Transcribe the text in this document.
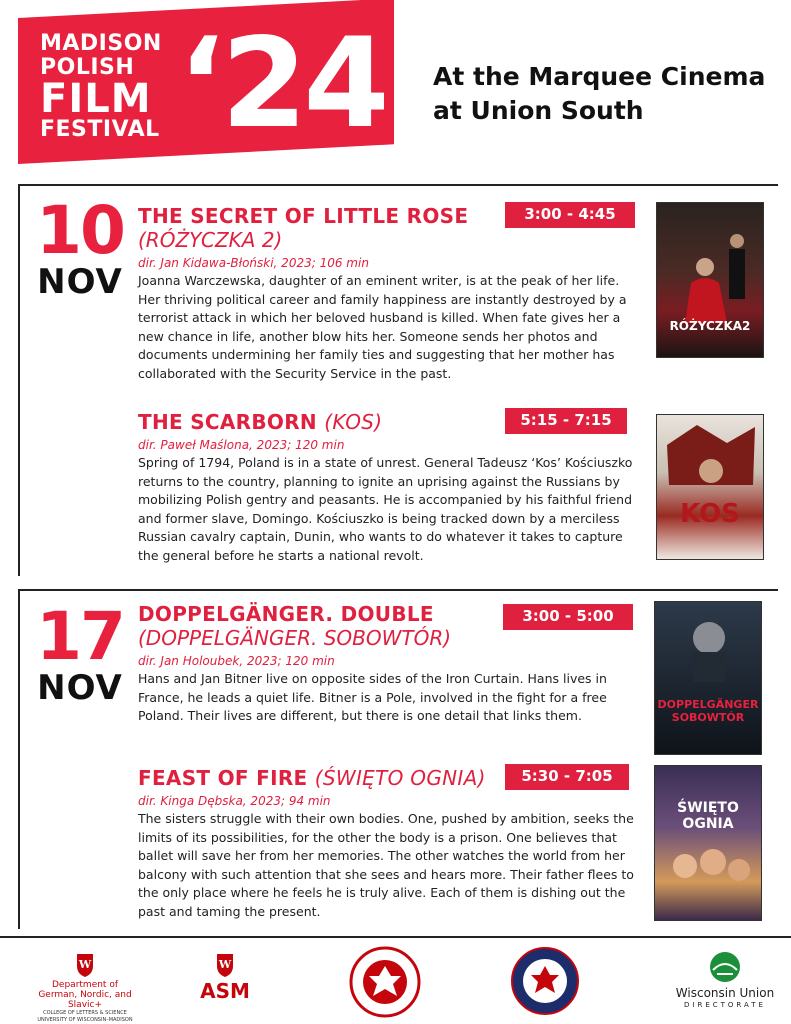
MADISON
POLISH
FILM
FESTIVAL ‘24 At the Marquee Cinema
at Union South
10
NOV
THE SECRET OF LITTLE ROSE
(RÓŻYCZKA 2)
dir. Jan Kidawa-Błoński, 2023; 106 min
Joanna Warczewska, daughter of an eminent writer, is at the peak of her life. Her thriving political career and family happiness are instantly destroyed by a terrorist attack in which her beloved husband is killed. When fate gives her a new chance in life, another blow hits her. Someone sends her photos and documents undermining her family ties and suggesting that her mother has collaborated with the Security Service in the past.
3:00 - 4:45 PM
RÓŻYCZKA2
THE SCARBORN (KOS)
dir. Paweł Maślona, 2023; 120 min
Spring of 1794, Poland is in a state of unrest. General Tadeusz ‘Kos’ Kościuszko returns to the country, planning to ignite an uprising against the Russians by mobilizing Polish gentry and peasants. He is accompanied by his faithful friend and former slave, Domingo. Kościuszko is being tracked down by a merciless Russian cavalry captain, Dunin, who wants to do whatever it takes to capture the general before he starts a national revolt.
5:15 - 7:15 PM
KOS
17
NOV
DOPPELGÄNGER. DOUBLE
(DOPPELGÄNGER. SOBOWTÓR)
dir. Jan Holoubek, 2023; 120 min
Hans and Jan Bitner live on opposite sides of the Iron Curtain. Hans lives in France, he leads a quiet life. Bitner is a Pole, involved in the fight for a free Poland. Their lives are different, but there is one detail that links them.
3:00 - 5:00 PM
DOPPELGÄNGER SOBOWTÓR
FEAST OF FIRE (ŚWIĘTO OGNIA)
dir. Kinga Dębska, 2023; 94 min
The sisters struggle with their own bodies. One, pushed by ambition, seeks the limits of its possibilities, for the other the body is a prison. One believes that ballet will save her from her memories. The other watches the world from her balcony with such attention that she sees and hears more. Their father flees to the only place where he feels he is truly alive. Each of them is dishing out the past and taming the present.
5:30 - 7:05 PM	ŚWIĘTO OGNIA
W
Department of
German, Nordic, and Slavic+
COLLEGE OF LETTERS & SCIENCE
UNIVERSITY OF WISCONSIN–MADISON
W
ASM	Wisconsin Union
DIRECTORATE
